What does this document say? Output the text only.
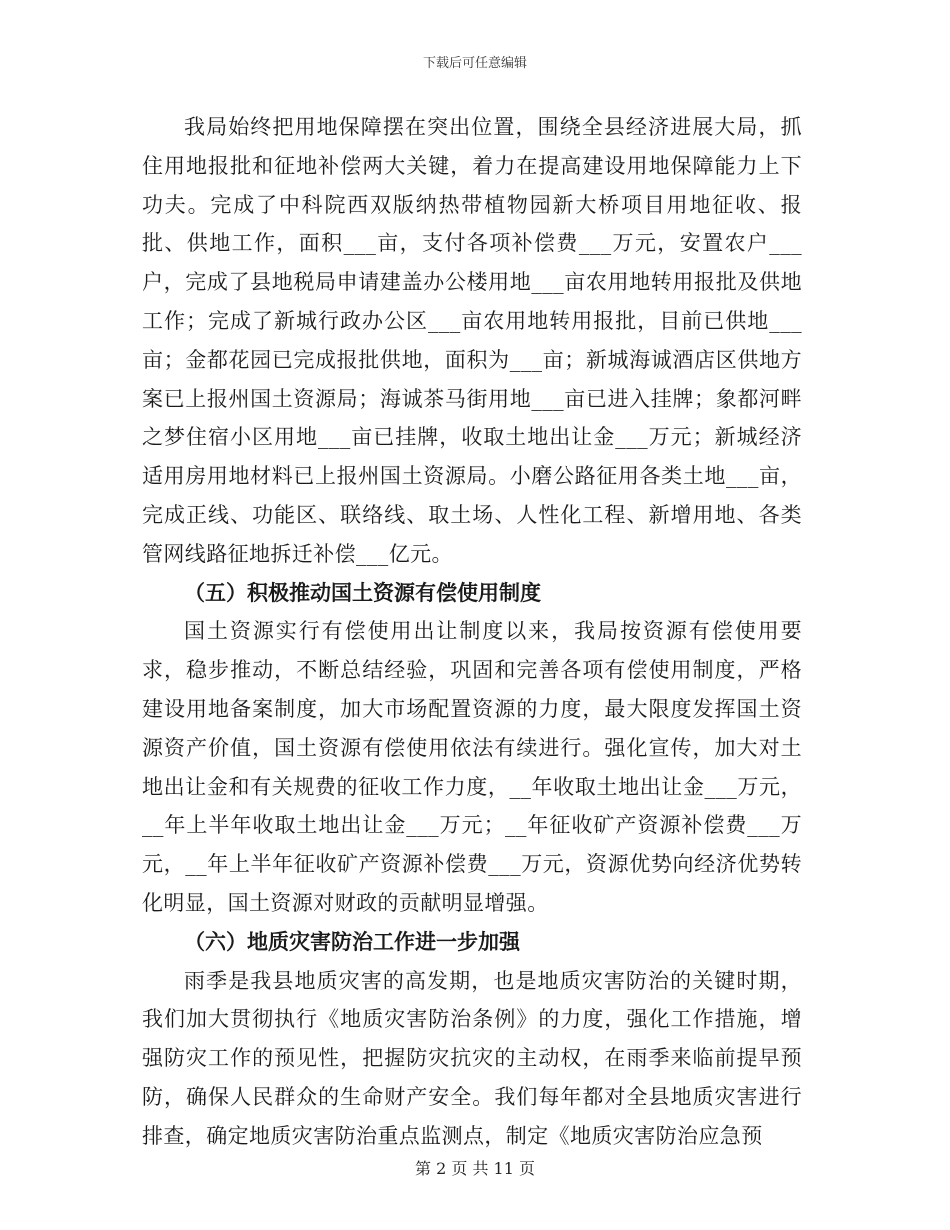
下载后可任意编辑

我局始终把用地保障摆在突出位置，围绕全县经济进展大局，抓住用地报批和征地补偿两大关键，着力在提高建设用地保障能力上下功夫。完成了中科院西双版纳热带植物园新大桥项目用地征收、报批、供地工作，面积___亩，支付各项补偿费___万元，安置农户___户，完成了县地税局申请建盖办公楼用地___亩农用地转用报批及供地工作；完成了新城行政办公区___亩农用地转用报批，目前已供地___亩；金都花园已完成报批供地，面积为___亩；新城海诚酒店区供地方案已上报州国土资源局；海诚茶马街用地___亩已进入挂牌；象都河畔之梦住宿小区用地___亩已挂牌，收取土地出让金___万元；新城经济适用房用地材料已上报州国土资源局。小磨公路征用各类土地___亩，完成正线、功能区、联络线、取土场、人性化工程、新增用地、各类管网线路征地拆迁补偿___亿元。

（五）积极推动国土资源有偿使用制度

国土资源实行有偿使用出让制度以来，我局按资源有偿使用要求，稳步推动，不断总结经验，巩固和完善各项有偿使用制度，严格建设用地备案制度，加大市场配置资源的力度，最大限度发挥国土资源资产价值，国土资源有偿使用依法有续进行。强化宣传，加大对土地出让金和有关规费的征收工作力度，__年收取土地出让金___万元，__年上半年收取土地出让金___万元；__年征收矿产资源补偿费___万元，__年上半年征收矿产资源补偿费___万元，资源优势向经济优势转化明显，国土资源对财政的贡献明显增强。

（六）地质灾害防治工作进一步加强

雨季是我县地质灾害的高发期，也是地质灾害防治的关键时期，我们加大贯彻执行《地质灾害防治条例》的力度，强化工作措施，增强防灾工作的预见性，把握防灾抗灾的主动权，在雨季来临前提早预防，确保人民群众的生命财产安全。我们每年都对全县地质灾害进行排查，确定地质灾害防治重点监测点，制定《地质灾害防治应急预

第 2 页 共 11 页
